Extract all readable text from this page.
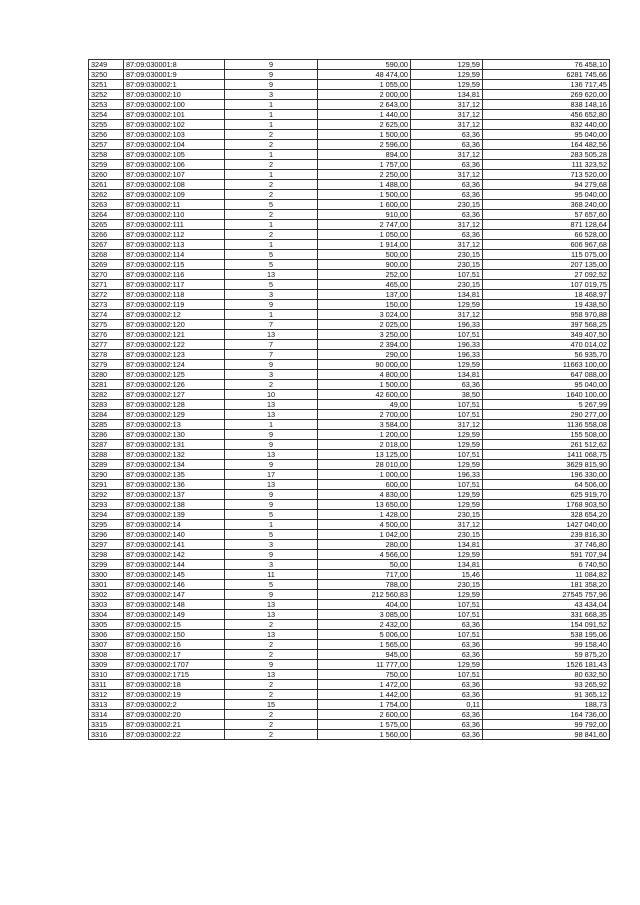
3249	87:09:030001:8	9	590,00	129,59	76 458,10
3250	87:09:030001:9	9	48 474,00	129,59	6281 745,66
3251	87:09:030002:1	9	1 055,00	129,59	136 717,45
3252	87:09:030002:10	3	2 000,00	134,81	269 620,00
3253	87:09:030002:100	1	2 643,00	317,12	838 148,16
3254	87:09:030002:101	1	1 440,00	317,12	456 652,80
3255	87:09:030002:102	1	2 625,00	317,12	832 440,00
3256	87:09:030002:103	2	1 500,00	63,36	95 040,00
3257	87:09:030002:104	2	2 596,00	63,36	164 482,56
3258	87:09:030002:105	1	894,00	317,12	283 505,28
3259	87:09:030002:106	2	1 757,00	63,36	111 323,52
3260	87:09:030002:107	1	2 250,00	317,12	713 520,00
3261	87:09:030002:108	2	1 488,00	63,36	94 279,68
3262	87:09:030002:109	2	1 500,00	63,36	95 040,00
3263	87:09:030002:11	5	1 600,00	230,15	368 240,00
3264	87:09:030002:110	2	910,00	63,36	57 657,60
3265	87:09:030002:111	1	2 747,00	317,12	871 128,64
3266	87:09:030002:112	2	1 050,00	63,36	66 528,00
3267	87:09:030002:113	1	1 914,00	317,12	606 967,68
3268	87:09:030002:114	5	500,00	230,15	115 075,00
3269	87:09:030002:115	5	900,00	230,15	207 135,00
3270	87:09:030002:116	13	252,00	107,51	27 092,52
3271	87:09:030002:117	5	465,00	230,15	107 019,75
3272	87:09:030002:118	3	137,00	134,81	18 468,97
3273	87:09:030002:119	9	150,00	129,59	19 438,50
3274	87:09:030002:12	1	3 024,00	317,12	958 970,88
3275	87:09:030002:120	7	2 025,00	196,33	397 568,25
3276	87:09:030002:121	13	3 250,00	107,51	349 407,50
3277	87:09:030002:122	7	2 394,00	196,33	470 014,02
3278	87:09:030002:123	7	290,00	196,33	56 935,70
3279	87:09:030002:124	9	90 000,00	129,59	11663 100,00
3280	87:09:030002:125	3	4 800,00	134,81	647 088,00
3281	87:09:030002:126	2	1 500,00	63,36	95 040,00
3282	87:09:030002:127	10	42 600,00	38,50	1640 100,00
3283	87:09:030002:128	13	49,00	107,51	5 267,99
3284	87:09:030002:129	13	2 700,00	107,51	290 277,00
3285	87:09:030002:13	1	3 584,00	317,12	1136 558,08
3286	87:09:030002:130	9	1 200,00	129,59	155 508,00
3287	87:09:030002:131	9	2 018,00	129,59	261 512,62
3288	87:09:030002:132	13	13 125,00	107,51	1411 068,75
3289	87:09:030002:134	9	28 010,00	129,59	3629 815,90
3290	87:09:030002:135	17	1 000,00	196,33	196 330,00
3291	87:09:030002:136	13	600,00	107,51	64 506,00
3292	87:09:030002:137	9	4 830,00	129,59	625 919,70
3293	87:09:030002:138	9	13 650,00	129,59	1768 903,50
3294	87:09:030002:139	5	1 428,00	230,15	328 654,20
3295	87:09:030002:14	1	4 500,00	317,12	1427 040,00
3296	87:09:030002:140	5	1 042,00	230,15	239 816,30
3297	87:09:030002:141	3	280,00	134,81	37 746,80
3298	87:09:030002:142	9	4 566,00	129,59	591 707,94
3299	87:09:030002:144	3	50,00	134,81	6 740,50
3300	87:09:030002:145	11	717,00	15,46	11 084,82
3301	87:09:030002:146	5	788,00	230,15	181 358,20
3302	87:09:030002:147	9	212 560,83	129,59	27545 757,96
3303	87:09:030002:148	13	404,00	107,51	43 434,04
3304	87:09:030002:149	13	3 085,00	107,51	331 668,35
3305	87:09:030002:15	2	2 432,00	63,36	154 091,52
3306	87:09:030002:150	13	5 006,00	107,51	538 195,06
3307	87:09:030002:16	2	1 565,00	63,36	99 158,40
3308	87:09:030002:17	2	945,00	63,36	59 875,20
3309	87:09:030002:1707	9	11 777,00	129,59	1526 181,43
3310	87:09:030002:1715	13	750,00	107,51	80 632,50
3311	87:09:030002:18	2	1 472,00	63,36	93 265,92
3312	87:09:030002:19	2	1 442,00	63,36	91 365,12
3313	87:09:030002:2	15	1 754,00	0,11	188,73
3314	87:09:030002:20	2	2 600,00	63,36	164 736,00
3315	87:09:030002:21	2	1 575,00	63,36	99 792,00
3316	87:09:030002:22	2	1 560,00	63,36	98 841,60
